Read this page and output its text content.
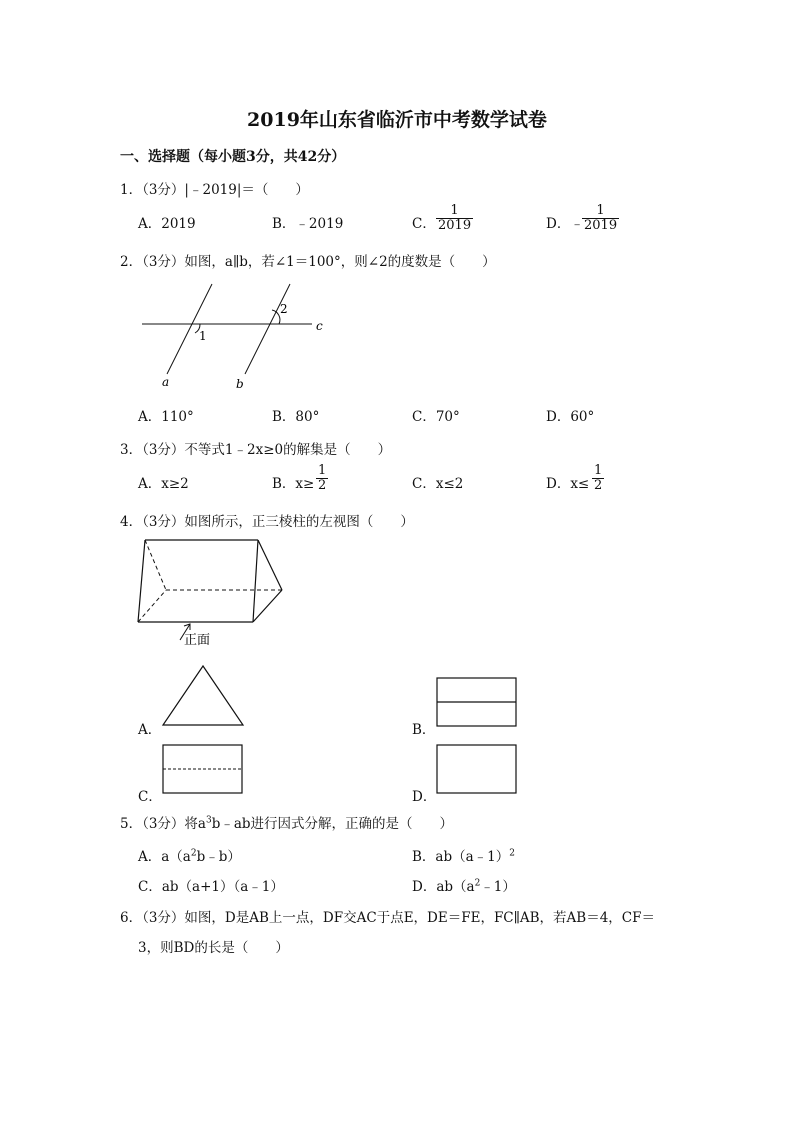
2019年山东省临沂市中考数学试卷
一、选择题（每小题3分，共42分）
1．（3分）|﹣2019|＝（　　）
A．2019	B．﹣2019	C． $\frac{1}{2019}$	D．﹣
$\frac{1}{2019}$
2．（3分）如图，a∥b，若∠1＝100°，则∠2的度数是（　　）
1
2
c
a	b
A．110°	B．80°	C．70°	D．60°
3．（3分）不等式1﹣2x≥0的解集是（　　）
A．x≥2	B．$x\ge \frac{1}{2}$	C．x≤2	D．$x\le \frac{1}{2}$
4．（3分）如图所示，正三棱柱的左视图（　　）
正面
A．	B．
C．	D．
5．（3分）将$a^3b﹣ab$进行因式分解，正确的是（　　）
A．$a(a^2b﹣b)$	B．ab（a﹣1）$^2$
C．ab（a+1）（a﹣1）	D．$ab(a^2﹣1)$
6．（3分）如图，D是AB上一点，DF交AC于点E，DE＝FE，FC∥AB，若AB＝4，CF＝
3，则BD的长是（　　）
